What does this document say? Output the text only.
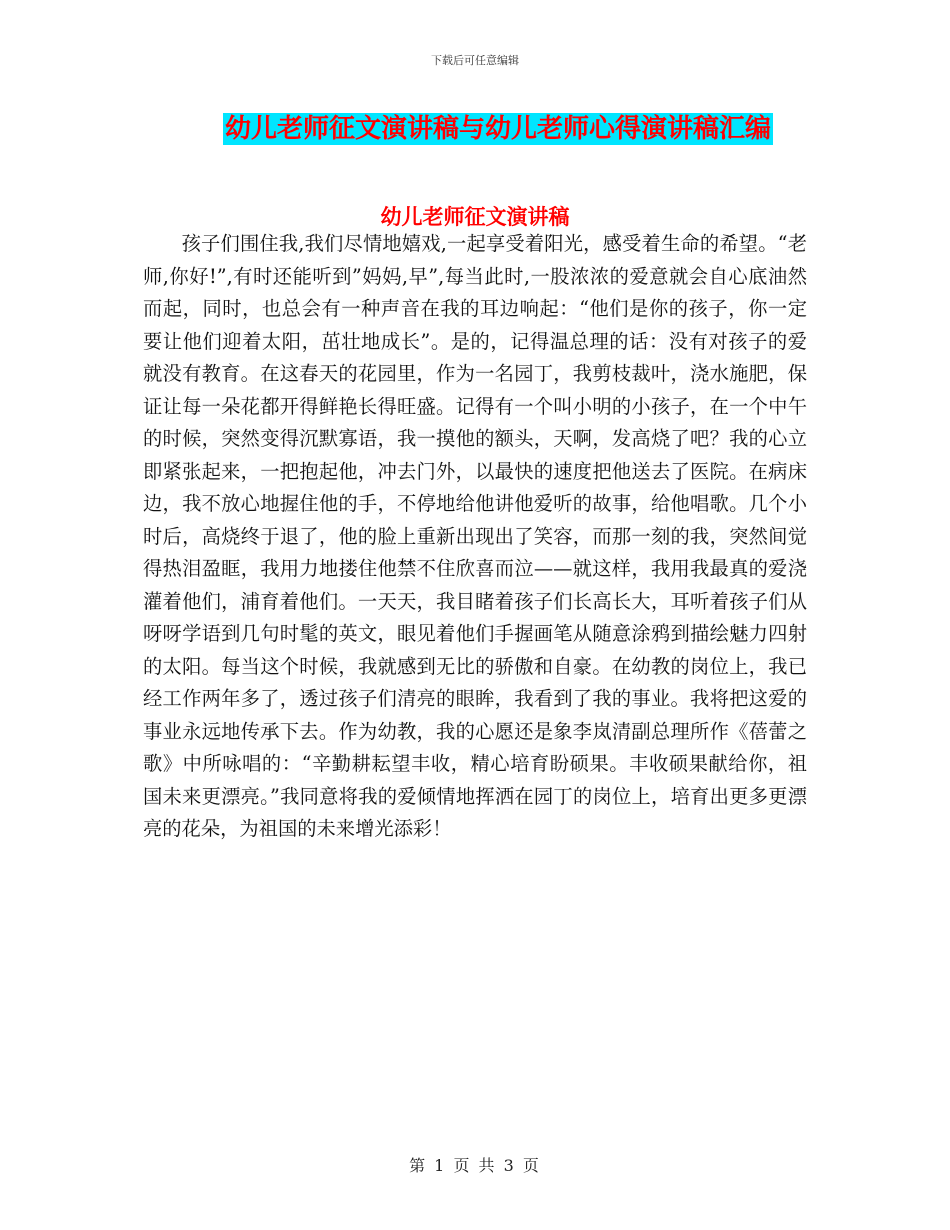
下载后可任意编辑
幼儿老师征文演讲稿与幼儿老师心得演讲稿汇编
幼儿老师征文演讲稿

孩子们围住我,我们尽情地嬉戏,一起享受着阳光，感受着生命的希望。“老师,你好!”,有时还能听到”妈妈,早”,每当此时,一股浓浓的爱意就会自心底油然而起，同时，也总会有一种声音在我的耳边响起：“他们是你的孩子，你一定要让他们迎着太阳，茁壮地成长”。是的，记得温总理的话：没有对孩子的爱就没有教育。在这春天的花园里，作为一名园丁，我剪枝裁叶，浇水施肥，保证让每一朵花都开得鲜艳长得旺盛。记得有一个叫小明的小孩子，在一个中午的时候，突然变得沉默寡语，我一摸他的额头，天啊，发高烧了吧？我的心立即紧张起来，一把抱起他，冲去门外，以最快的速度把他送去了医院。在病床边，我不放心地握住他的手，不停地给他讲他爱听的故事，给他唱歌。几个小时后，高烧终于退了，他的脸上重新出现出了笑容，而那一刻的我，突然间觉得热泪盈眶，我用力地搂住他禁不住欣喜而泣——就这样，我用我最真的爱浇灌着他们，浦育着他们。一天天，我目睹着孩子们长高长大，耳听着孩子们从呀呀学语到几句时髦的英文，眼见着他们手握画笔从随意涂鸦到描绘魅力四射的太阳。每当这个时候，我就感到无比的骄傲和自豪。在幼教的岗位上，我已经工作两年多了，透过孩子们清亮的眼眸，我看到了我的事业。我将把这爱的事业永远地传承下去。作为幼教，我的心愿还是象李岚清副总理所作《蓓蕾之歌》中所咏唱的：“辛勤耕耘望丰收，精心培育盼硕果。丰收硕果献给你，祖国未来更漂亮。”我同意将我的爱倾情地挥洒在园丁的岗位上，培育出更多更漂亮的花朵，为祖国的未来增光添彩！

第 1 页 共 3 页
